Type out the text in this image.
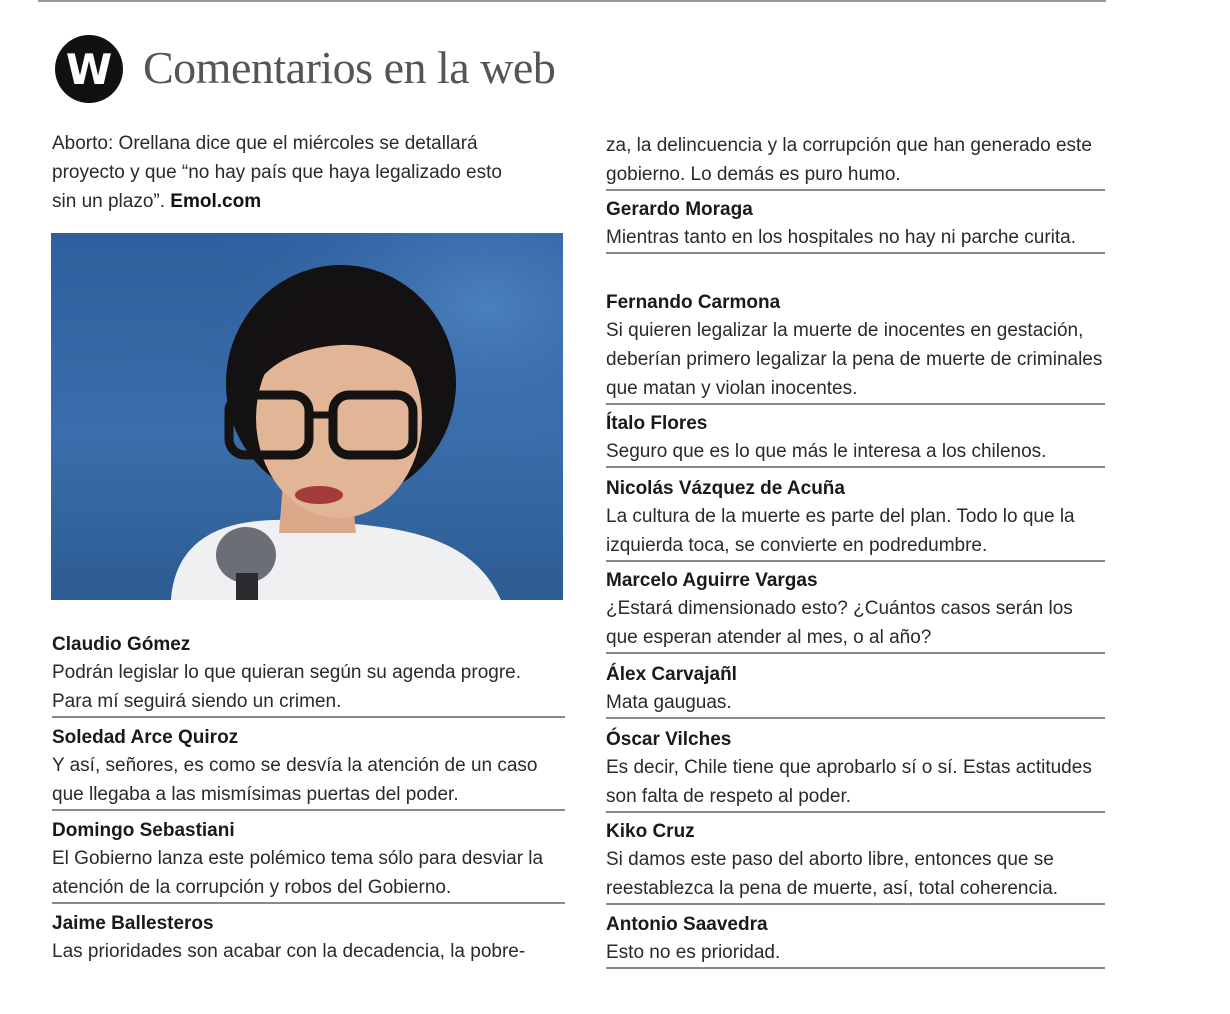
W Comentarios en la web

Aborto: Orellana dice que el miércoles se detallará proyecto y que “no hay país que haya legalizado esto sin un plazo”. Emol.com

Claudio Gómez
Podrán legislar lo que quieran según su agenda progre. Para mí seguirá siendo un crimen.
Soledad Arce Quiroz
Y así, señores, es como se desvía la atención de un caso que llegaba a las mismísimas puertas del poder.
Domingo Sebastiani
El Gobierno lanza este polémico tema sólo para desviar la atención de la corrupción y robos del Gobierno.
Jaime Ballesteros
Las prioridades son acabar con la decadencia, la pobre-
za, la delincuencia y la corrupción que han generado este gobierno. Lo demás es puro humo.
Gerardo Moraga
Mientras tanto en los hospitales no hay ni parche curita.
Fernando Carmona
Si quieren legalizar la muerte de inocentes en gestación, deberían primero legalizar la pena de muerte de criminales que matan y violan inocentes.
Ítalo Flores
Seguro que es lo que más le interesa a los chilenos.
Nicolás Vázquez de Acuña
La cultura de la muerte es parte del plan. Todo lo que la izquierda toca, se convierte en podredumbre.
Marcelo Aguirre Vargas
¿Estará dimensionado esto? ¿Cuántos casos serán los que esperan atender al mes, o al año?
Álex Carvajañl
Mata gauguas.
Óscar Vilches
Es decir, Chile tiene que aprobarlo sí o sí. Estas actitudes son falta de respeto al poder.
Kiko Cruz
Si damos este paso del aborto libre, entonces que se reestablezca la pena de muerte, así, total coherencia.
Antonio Saavedra
Esto no es prioridad.
